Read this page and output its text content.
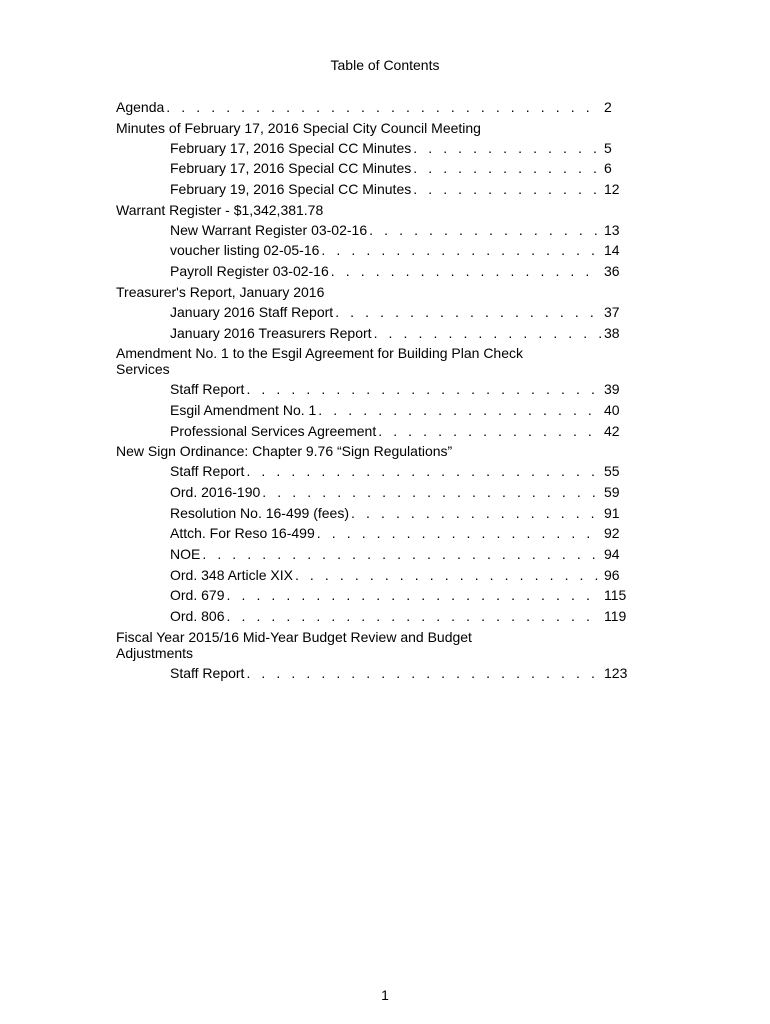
Table of Contents
Agenda . . .	2
Minutes of February 17, 2016 Special City Council Meeting
February 17, 2016 Special CC Minutes . . .	5
February 17, 2016 Special CC Minutes . . .	6
February 19, 2016 Special CC Minutes . . .	12
Warrant Register - $1,342,381.78
New Warrant Register 03-02-16 . . .	13
voucher listing 02-05-16 . . .	14
Payroll Register 03-02-16 . . .	36
Treasurer's Report, January 2016
January 2016 Staff Report . . .	37
January 2016 Treasurers Report . . .	38
Amendment No. 1 to the Esgil Agreement for Building Plan Check Services
Staff Report . . .	39
Esgil Amendment No. 1 . . .	40
Professional Services Agreement . . .	42
New Sign Ordinance: Chapter 9.76 “Sign Regulations”
Staff Report . . .	55
Ord. 2016-190 . . .	59
Resolution No. 16-499 (fees) . . .	91
Attch. For Reso 16-499 . . .	92
NOE . . .	94
Ord. 348 Article XIX . . .	96
Ord. 679 . . .	115
Ord. 806 . . .	119
Fiscal Year 2015/16 Mid-Year Budget Review and Budget Adjustments
Staff Report . . .	123
1
